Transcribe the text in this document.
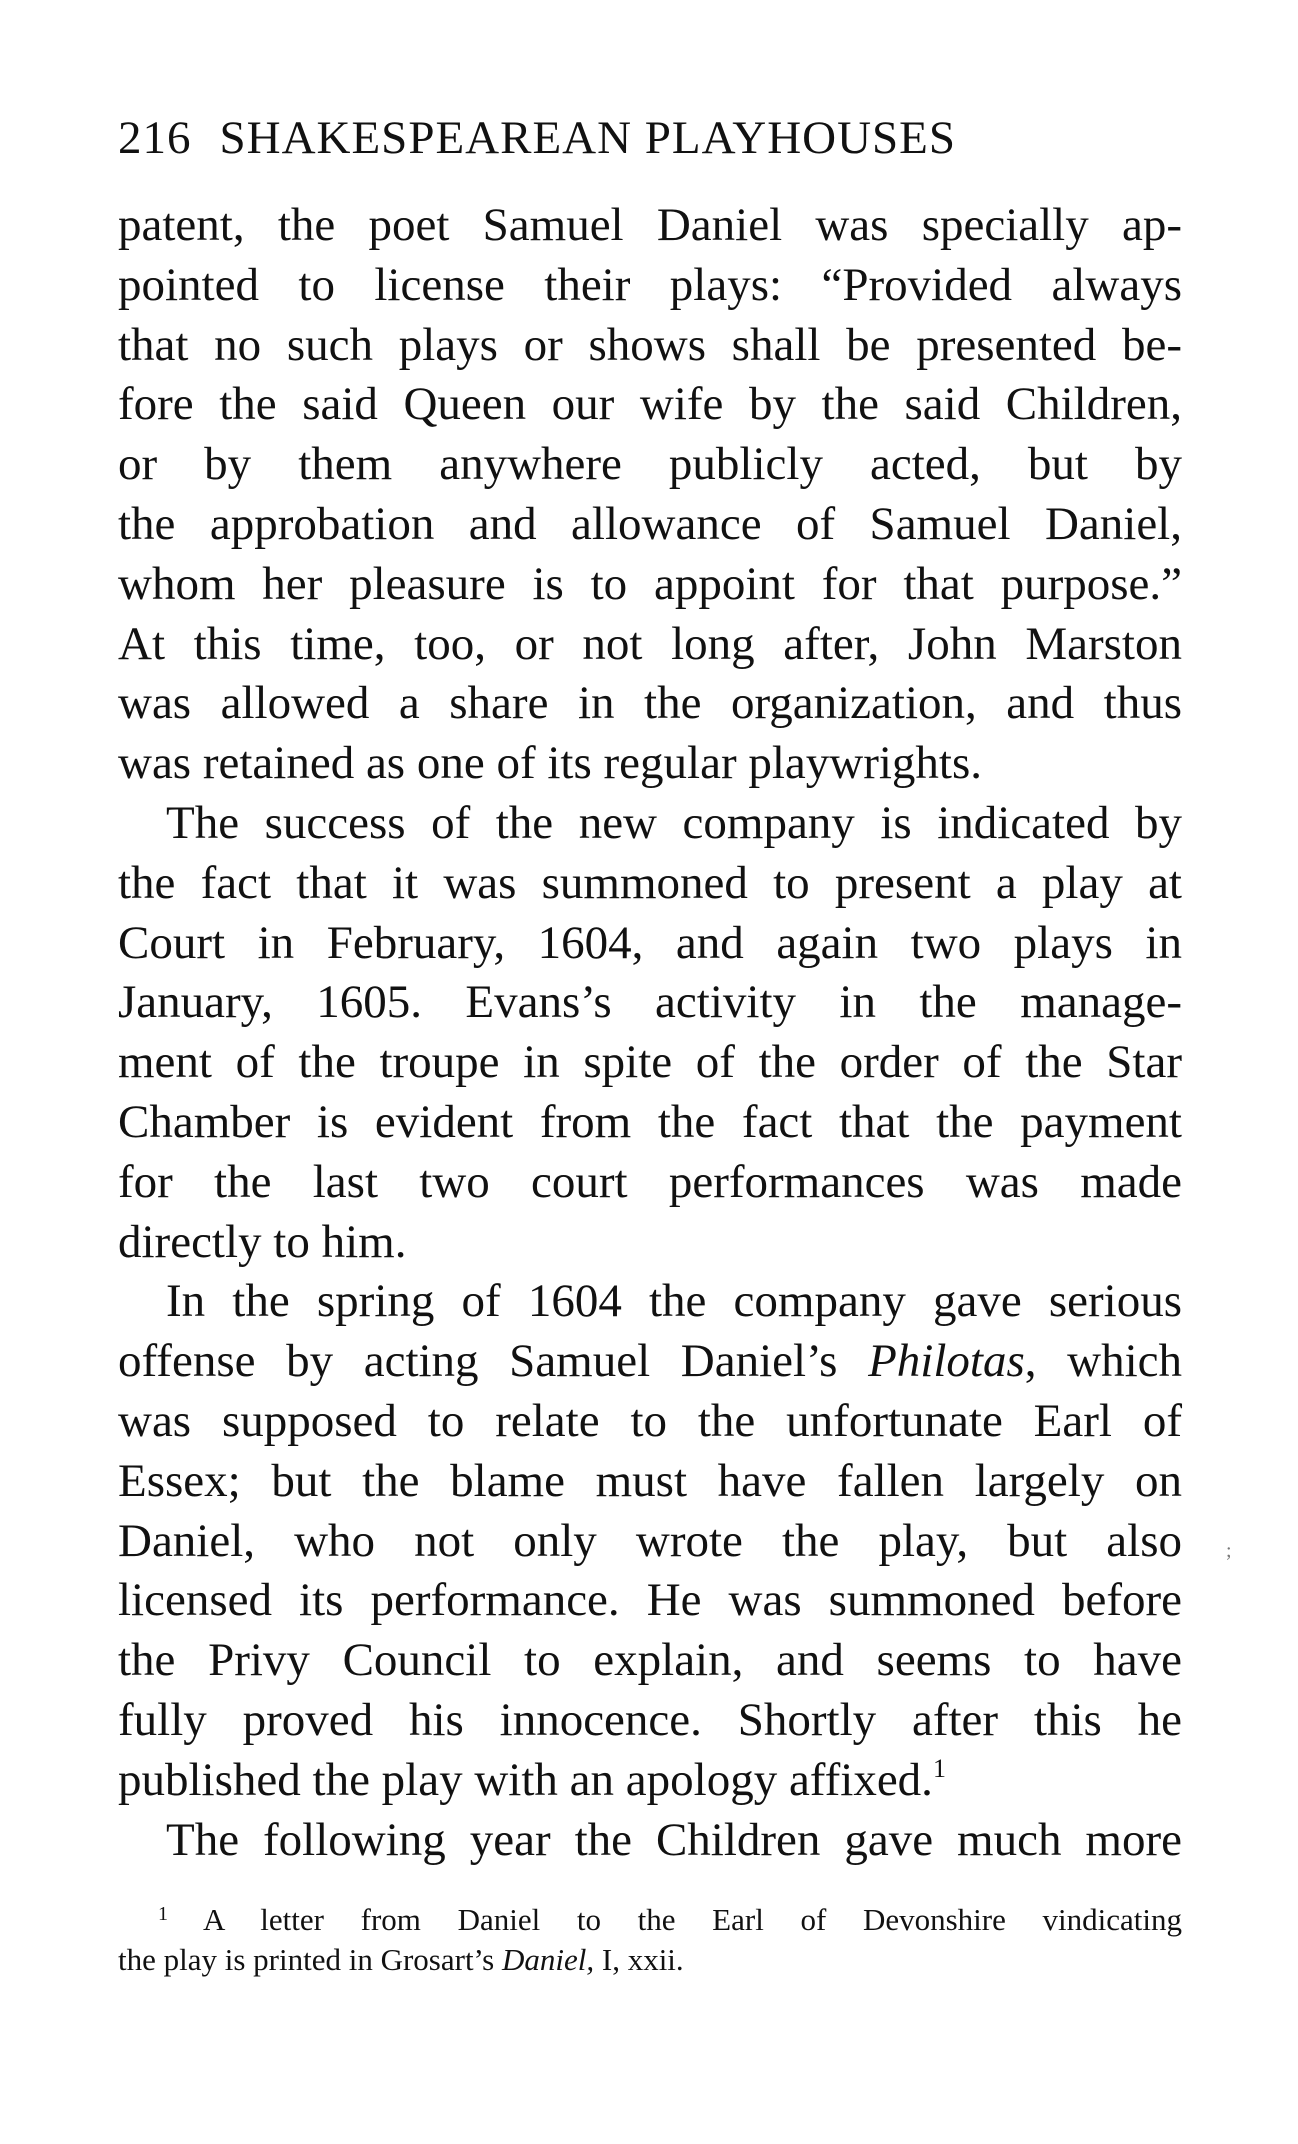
216 SHAKESPEAREAN PLAYHOUSES
patent, the poet Samuel Daniel was specially ap-
pointed to license their plays: “Provided always
that no such plays or shows shall be presented be-
fore the said Queen our wife by the said Children,
or by them anywhere publicly acted, but by
the approbation and allowance of Samuel Daniel,
whom her pleasure is to appoint for that purpose.”
At this time, too, or not long after, John Marston
was allowed a share in the organization, and thus
was retained as one of its regular playwrights.
The success of the new company is indicated by
the fact that it was summoned to present a play at
Court in February, 1604, and again two plays in
January, 1605. Evans’s activity in the manage-
ment of the troupe in spite of the order of the Star
Chamber is evident from the fact that the payment
for the last two court performances was made
directly to him.
In the spring of 1604 the company gave serious
offense by acting Samuel Daniel’s Philotas, which
was supposed to relate to the unfortunate Earl of
Essex; but the blame must have fallen largely on
Daniel, who not only wrote the play, but also
licensed its performance. He was summoned before
the Privy Council to explain, and seems to have
fully proved his innocence. Shortly after this he
published the play with an apology affixed.$^1$
The following year the Children gave much more
$^1$ A letter from Daniel to the Earl of Devonshire vindicating
the play is printed in Grosart’s Daniel, I, xxii.
;
